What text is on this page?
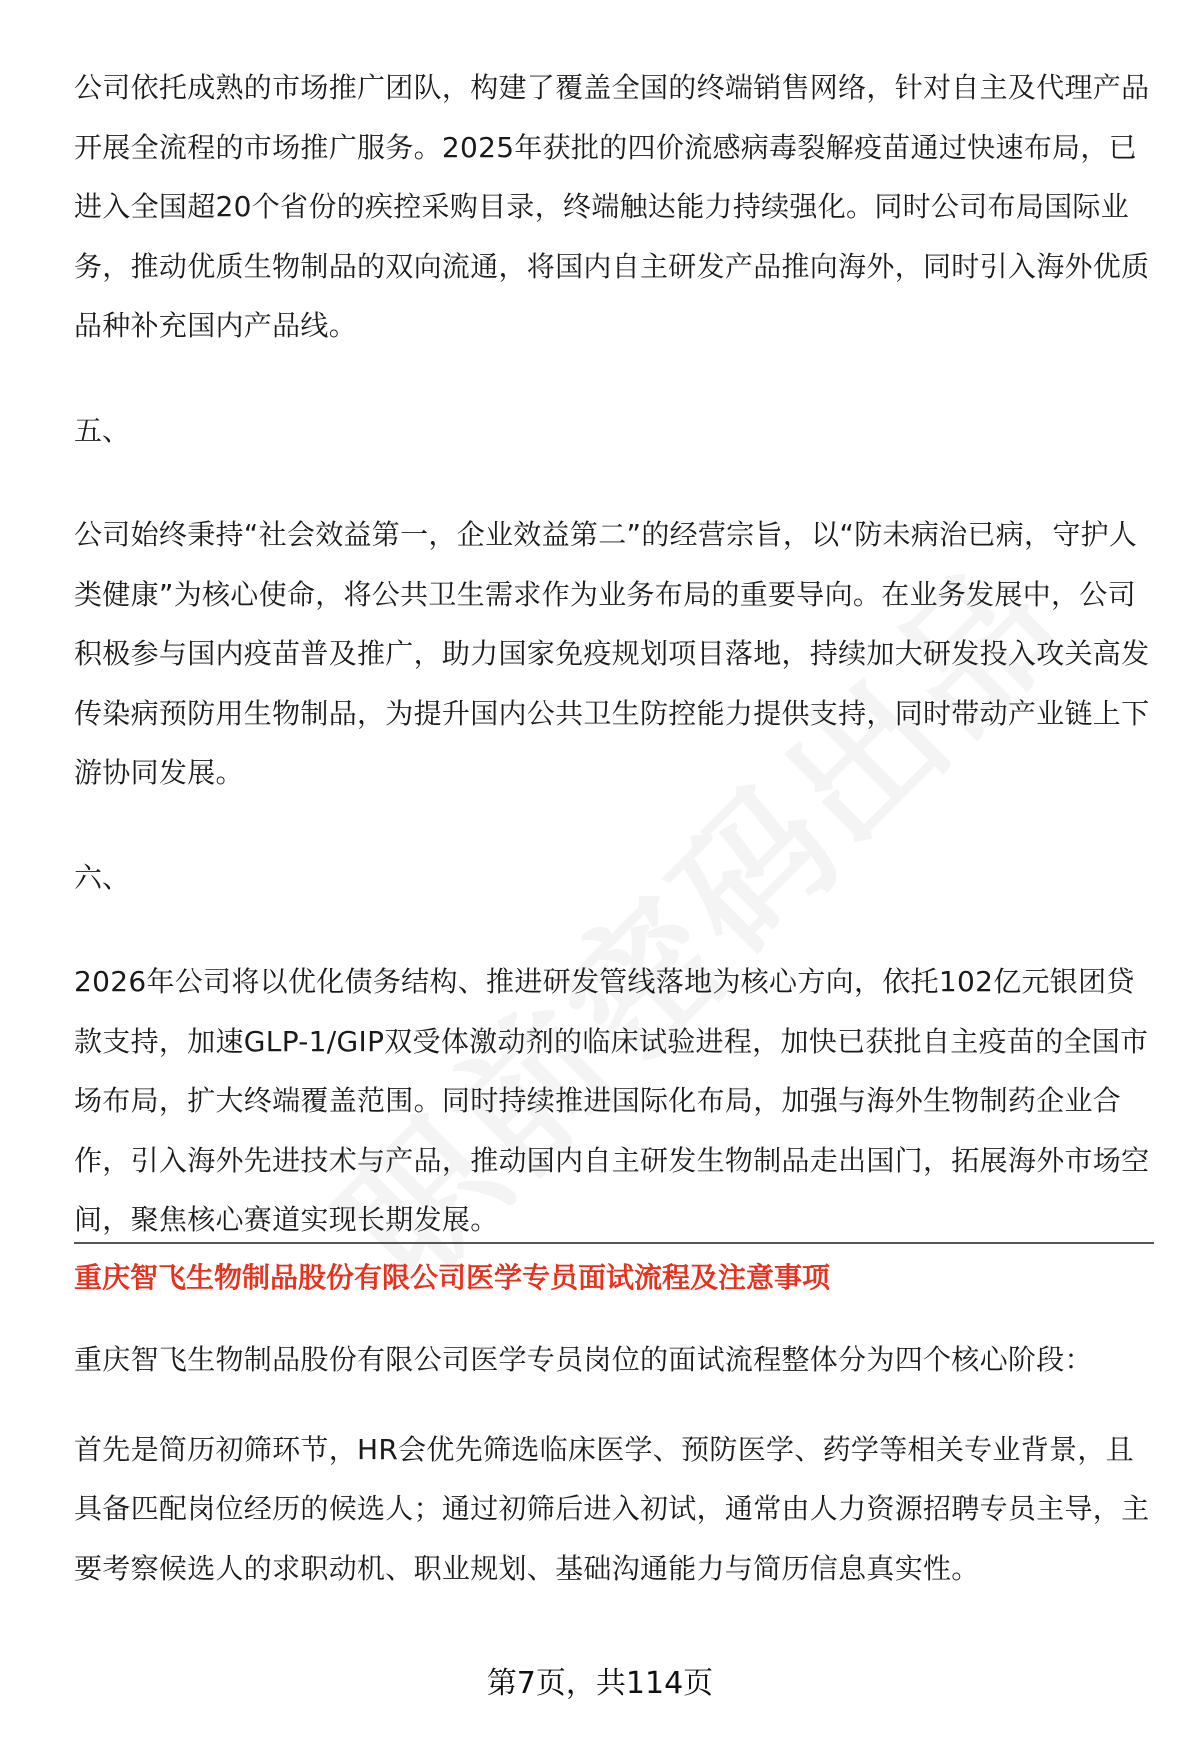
公司依托成熟的市场推广团队，构建了覆盖全国的终端销售网络，针对自主及代理产品开展全流程的市场推广服务。2025年获批的四价流感病毒裂解疫苗通过快速布局，已进入全国超20个省份的疾控采购目录，终端触达能力持续强化。同时公司布局国际业务，推动优质生物制品的双向流通，将国内自主研发产品推向海外，同时引入海外优质品种补充国内产品线。

五、

公司始终秉持“社会效益第一，企业效益第二”的经营宗旨，以“防未病治已病，守护人类健康”为核心使命，将公共卫生需求作为业务布局的重要导向。在业务发展中，公司积极参与国内疫苗普及推广，助力国家免疫规划项目落地，持续加大研发投入攻关高发传染病预防用生物制品，为提升国内公共卫生防控能力提供支持，同时带动产业链上下游协同发展。

六、

2026年公司将以优化债务结构、推进研发管线落地为核心方向，依托102亿元银团贷款支持，加速GLP-1/GIP双受体激动剂的临床试验进程，加快已获批自主疫苗的全国市场布局，扩大终端覆盖范围。同时持续推进国际化布局，加强与海外生物制药企业合作，引入海外先进技术与产品，推动国内自主研发生物制品走出国门，拓展海外市场空间，聚焦核心赛道实现长期发展。

重庆智飞生物制品股份有限公司医学专员面试流程及注意事项

重庆智飞生物制品股份有限公司医学专员岗位的面试流程整体分为四个核心阶段：

首先是简历初筛环节，HR会优先筛选临床医学、预防医学、药学等相关专业背景，且具备匹配岗位经历的候选人；通过初筛后进入初试，通常由人力资源招聘专员主导，主要考察候选人的求职动机、职业规划、基础沟通能力与简历信息真实性。

第7页，共114页
